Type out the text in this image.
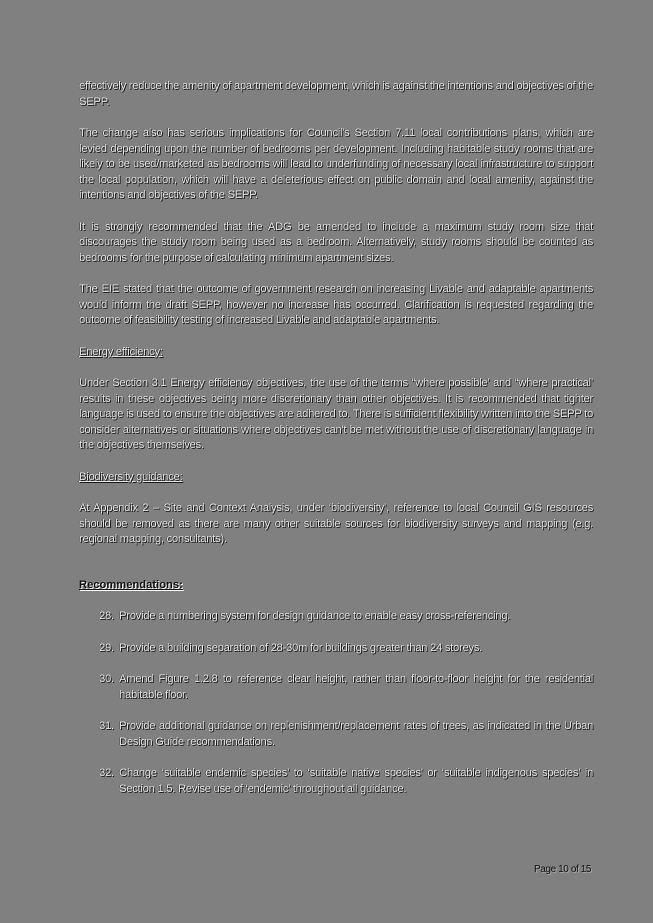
effectively reduce the amenity of apartment development, which is against the intentions and objectives of the SEPP.

The change also has serious implications for Council's Section 7.11 local contributions plans, which are levied depending upon the number of bedrooms per development. Including habitable study rooms that are likely to be used/marketed as bedrooms will lead to underfunding of necessary local infrastructure to support the local population, which will have a deleterious effect on public domain and local amenity, against the intentions and objectives of the SEPP.

It is strongly recommended that the ADG be amended to include a maximum study room size that discourages the study room being used as a bedroom. Alternatively, study rooms should be counted as bedrooms for the purpose of calculating minimum apartment sizes.

The EIE stated that the outcome of government research on increasing Livable and adaptable apartments would inform the draft SEPP, however no increase has occurred. Clarification is requested regarding the outcome of feasibility testing of increased Livable and adaptable apartments.

Energy efficiency:

Under Section 3.1 Energy efficiency objectives, the use of the terms “where possible’ and “where practical’ results in these objectives being more discretionary than other objectives. It is recommended that tighter language is used to ensure the objectives are adhered to. There is sufficient flexibility written into the SEPP to consider alternatives or situations where objectives can't be met without the use of discretionary language in the objectives themselves.

Biodiversity guidance:

At Appendix 2 – Site and Context Analysis, under ‘biodiversity’, reference to local Council GIS resources should be removed as there are many other suitable sources for biodiversity surveys and mapping (e.g. regional mapping, consultants).

Recommendations:
28. Provide a numbering system for design guidance to enable easy cross-referencing.
29. Provide a building separation of 28-30m for buildings greater than 24 storeys.
30. Amend Figure 1.2.8 to reference clear height, rather than floor-to-floor height for the residential habitable floor.
31. Provide additional guidance on replenishment/replacement rates of trees, as indicated in the Urban Design Guide recommendations.
32. Change ‘suitable endemic species’ to ‘suitable native species’ or ‘suitable indigenous species’ in Section 1.5. Revise use of ‘endemic’ throughout all guidance.
Page 10 of 15
